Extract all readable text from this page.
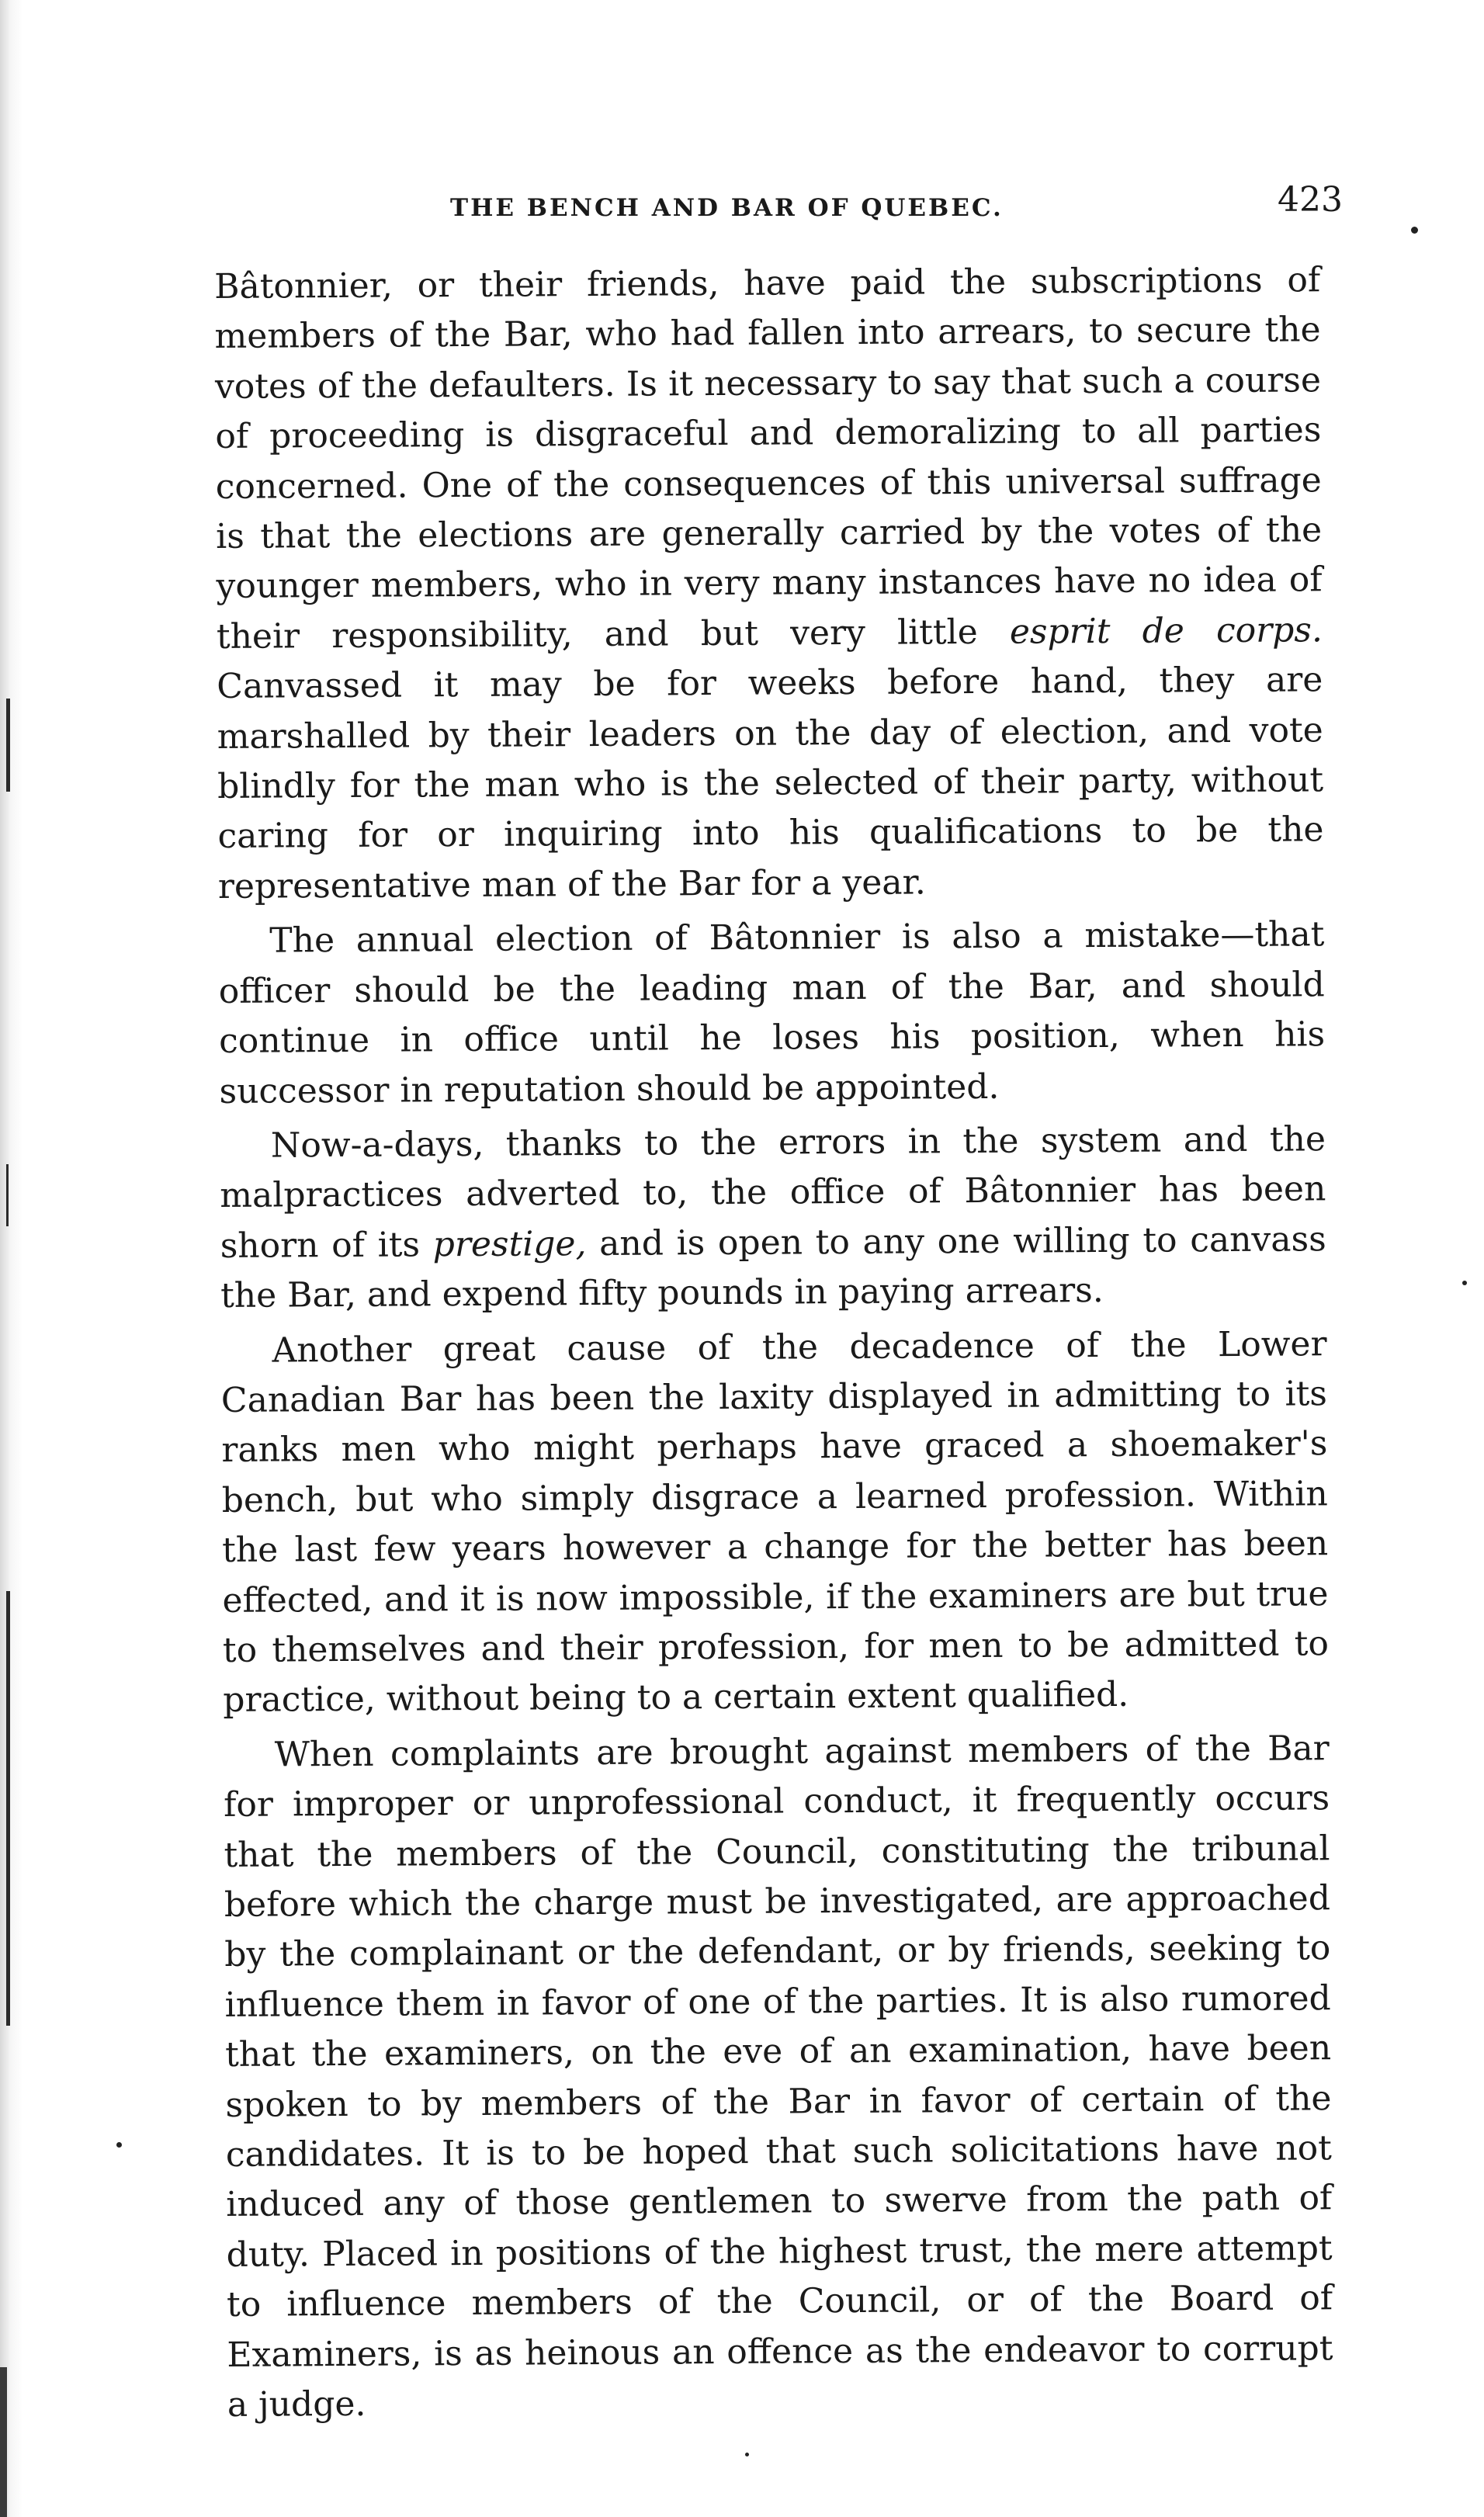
THE BENCH AND BAR OF QUEBEC.	423

Bâtonnier, or their friends, have paid the subscriptions of members of the Bar, who had fallen into arrears, to secure the votes of the defaulters. Is it necessary to say that such a course of proceeding is disgraceful and demoralizing to all parties concerned. One of the consequences of this universal suffrage is that the elections are generally carried by the votes of the younger members, who in very many instances have no idea of their responsibility, and but very little esprit de corps. Canvassed it may be for weeks before hand, they are marshalled by their leaders on the day of election, and vote blindly for the man who is the selected of their party, without caring for or inquiring into his qualifications to be the representative man of the Bar for a year.

The annual election of Bâtonnier is also a mistake—that officer should be the leading man of the Bar, and should continue in office until he loses his position, when his successor in reputation should be appointed.

Now-a-days, thanks to the errors in the system and the malpractices adverted to, the office of Bâtonnier has been shorn of its prestige, and is open to any one willing to canvass the Bar, and expend fifty pounds in paying arrears.

Another great cause of the decadence of the Lower Canadian Bar has been the laxity displayed in admitting to its ranks men who might perhaps have graced a shoemaker's bench, but who simply disgrace a learned profession. Within the last few years however a change for the better has been effected, and it is now impossible, if the examiners are but true to themselves and their profession, for men to be admitted to practice, without being to a certain extent qualified.

When complaints are brought against members of the Bar for improper or unprofessional conduct, it frequently occurs that the members of the Council, constituting the tribunal before which the charge must be investigated, are approached by the complainant or the defendant, or by friends, seeking to influence them in favor of one of the parties. It is also rumored that the examiners, on the eve of an examination, have been spoken to by members of the Bar in favor of certain of the candidates. It is to be hoped that such solicitations have not induced any of those gentlemen to swerve from the path of duty. Placed in positions of the highest trust, the mere attempt to influence members of the Council, or of the Board of Examiners, is as heinous an offence as the endeavor to corrupt a judge.
